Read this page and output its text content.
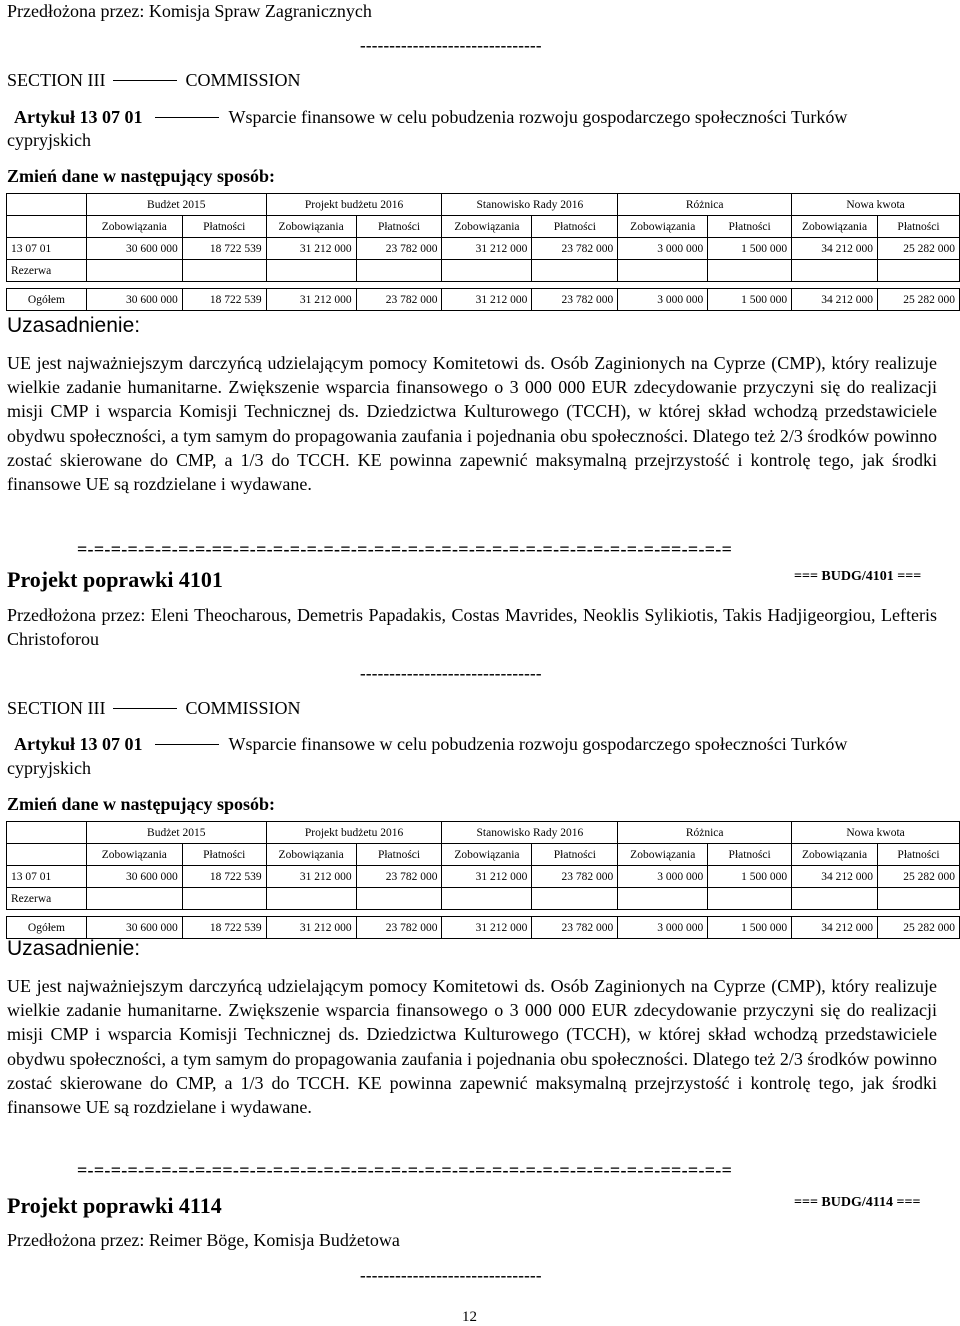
Przedłożona przez: Komisja Spraw Zagranicznych
-------------------------------
SECTION III	COMMISSION
Artykuł 13 07 01	Wsparcie finansowe w celu pobudzenia rozwoju gospodarczego społeczności Turków
cypryjskich
Zmień dane w następujący sposób:
	Budżet 2015		Projekt budżetu 2016		Stanowisko Rady 2016		Różnica		Nowa kwota	
	Zobowiązania	Płatności	Zobowiązania	Płatności	Zobowiązania	Płatności	Zobowiązania	Płatności	Zobowiązania	Płatności
13 07 01	30 600 000	18 722 539	31 212 000	23 782 000	31 212 000	23 782 000	3 000 000	1 500 000	34 212 000	25 282 000
Rezerwa										

Ogółem	30 600 000	18 722 539	31 212 000	23 782 000	31 212 000	23 782 000	3 000 000	1 500 000	34 212 000	25 282 000
Uzasadnienie:
UE jest najważniejszym darczyńcą udzielającym pomocy Komitetowi ds. Osób Zaginionych na Cyprze (CMP), który realizuje wielkie zadanie humanitarne. Zwiększenie wsparcia finansowego o 3 000 000 EUR zdecydowanie przyczyni się do realizacji misji CMP i wsparcia Komisji Technicznej ds. Dziedzictwa Kulturowego (TCCH), w której skład wchodzą przedstawiciele obydwu społeczności, a tym samym do propagowania zaufania i pojednania obu społeczności. Dlatego też 2/3 środków powinno zostać skierowane do CMP, a 1/3 do TCCH. KE powinna zapewnić maksymalną przejrzystość i kontrolę tego, jak środki finansowe UE są rozdzielane i wydawane.
=-=-=-=-=-=-=-=-==-=-=-=-=-=-=-=-=-=-=-=-=-=-=-=-=-=-=-=-=-=-=-=-=-=-==-=-=-=
Projekt poprawki 4101	=== BUDG/4101 ===
Przedłożona przez: Eleni Theocharous, Demetris Papadakis, Costas Mavrides, Neoklis Sylikiotis, Takis Hadjigeorgiou, Lefteris Christoforou
-------------------------------
SECTION III	COMMISSION
Artykuł 13 07 01	Wsparcie finansowe w celu pobudzenia rozwoju gospodarczego społeczności Turków
cypryjskich
Zmień dane w następujący sposób:
	Budżet 2015		Projekt budżetu 2016		Stanowisko Rady 2016		Różnica		Nowa kwota	
	Zobowiązania	Płatności	Zobowiązania	Płatności	Zobowiązania	Płatności	Zobowiązania	Płatności	Zobowiązania	Płatności
13 07 01	30 600 000	18 722 539	31 212 000	23 782 000	31 212 000	23 782 000	3 000 000	1 500 000	34 212 000	25 282 000
Rezerwa										

Ogółem	30 600 000	18 722 539	31 212 000	23 782 000	31 212 000	23 782 000	3 000 000	1 500 000	34 212 000	25 282 000
Uzasadnienie:
UE jest najważniejszym darczyńcą udzielającym pomocy Komitetowi ds. Osób Zaginionych na Cyprze (CMP), który realizuje wielkie zadanie humanitarne. Zwiększenie wsparcia finansowego o 3 000 000 EUR zdecydowanie przyczyni się do realizacji misji CMP i wsparcia Komisji Technicznej ds. Dziedzictwa Kulturowego (TCCH), w której skład wchodzą przedstawiciele obydwu społeczności, a tym samym do propagowania zaufania i pojednania obu społeczności. Dlatego też 2/3 środków powinno zostać skierowane do CMP, a 1/3 do TCCH. KE powinna zapewnić maksymalną przejrzystość i kontrolę tego, jak środki finansowe UE są rozdzielane i wydawane.
=-=-=-=-=-=-=-=-==-=-=-=-=-=-=-=-=-=-=-=-=-=-=-=-=-=-=-=-=-=-=-=-=-=-==-=-=-=
Projekt poprawki 4114	=== BUDG/4114 ===
Przedłożona przez: Reimer Böge, Komisja Budżetowa
-------------------------------
12
